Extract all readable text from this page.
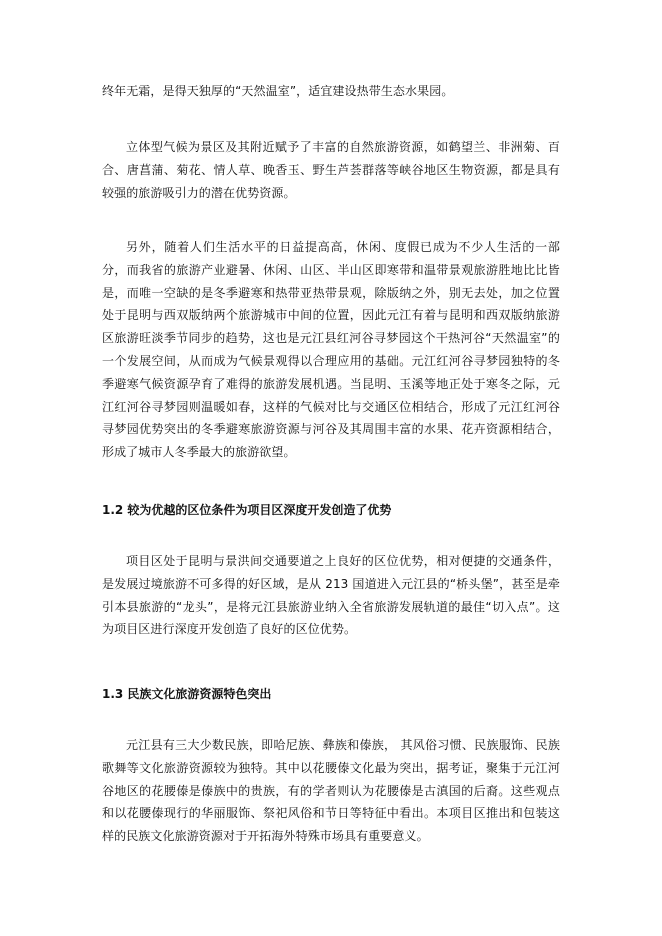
终年无霜，是得天独厚的“天然温室”，适宜建设热带生态水果园。

立体型气候为景区及其附近赋予了丰富的自然旅游资源，如鹤望兰、非洲菊、百合、唐菖蒲、菊花、情人草、晚香玉、野生芦荟群落等峡谷地区生物资源，都是具有较强的旅游吸引力的潜在优势资源。

另外，随着人们生活水平的日益提高高，休闲、度假已成为不少人生活的一部分，而我省的旅游产业避暑、休闲、山区、半山区即寒带和温带景观旅游胜地比比皆是，而唯一空缺的是冬季避寒和热带亚热带景观，除版纳之外，别无去处，加之位置处于昆明与西双版纳两个旅游城市中间的位置，因此元江有着与昆明和西双版纳旅游区旅游旺淡季节同步的趋势，这也是元江县红河谷寻梦园这个干热河谷“天然温室”的一个发展空间，从而成为气候景观得以合理应用的基础。元江红河谷寻梦园独特的冬季避寒气候资源孕育了难得的旅游发展机遇。当昆明、玉溪等地正处于寒冬之际，元江红河谷寻梦园则温暖如春，这样的气候对比与交通区位相结合，形成了元江红河谷寻梦园优势突出的冬季避寒旅游资源与河谷及其周围丰富的水果、花卉资源相结合，形成了城市人冬季最大的旅游欲望。

1.2 较为优越的区位条件为项目区深度开发创造了优势

项目区处于昆明与景洪间交通要道之上良好的区位优势，相对便捷的交通条件，是发展过境旅游不可多得的好区域，是从 213 国道进入元江县的“桥头堡”，甚至是牵引本县旅游的“龙头”，是将元江县旅游业纳入全省旅游发展轨道的最佳“切入点”。这为项目区进行深度开发创造了良好的区位优势。

1.3 民族文化旅游资源特色突出

元江县有三大少数民族，即哈尼族、彝族和傣族， 其风俗习惯、民族服饰、民族歌舞等文化旅游资源较为独特。其中以花腰傣文化最为突出，据考证，聚集于元江河谷地区的花腰傣是傣族中的贵族，有的学者则认为花腰傣是古滇国的后裔。这些观点和以花腰傣现行的华丽服饰、祭祀风俗和节日等特征中看出。本项目区推出和包装这样的民族文化旅游资源对于开拓海外特殊市场具有重要意义。
